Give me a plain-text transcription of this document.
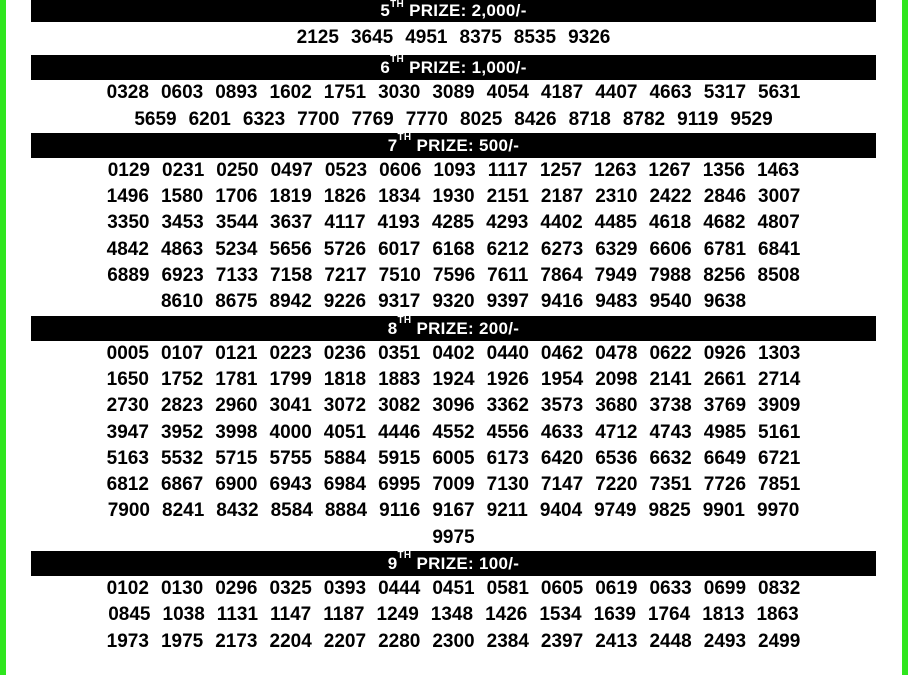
5TH PRIZE: 2,000/-
2125 3645 4951 8375 8535 9326
6TH PRIZE: 1,000/-
0328 0603 0893 1602 1751 3030 3089 4054 4187 4407 4663 5317 5631
5659 6201 6323 7700 7769 7770 8025 8426 8718 8782 9119 9529
7TH PRIZE: 500/-
0129 0231 0250 0497 0523 0606 1093 1117 1257 1263 1267 1356 1463
1496 1580 1706 1819 1826 1834 1930 2151 2187 2310 2422 2846 3007
3350 3453 3544 3637 4117 4193 4285 4293 4402 4485 4618 4682 4807
4842 4863 5234 5656 5726 6017 6168 6212 6273 6329 6606 6781 6841
6889 6923 7133 7158 7217 7510 7596 7611 7864 7949 7988 8256 8508
8610 8675 8942 9226 9317 9320 9397 9416 9483 9540 9638
8TH PRIZE: 200/-
0005 0107 0121 0223 0236 0351 0402 0440 0462 0478 0622 0926 1303
1650 1752 1781 1799 1818 1883 1924 1926 1954 2098 2141 2661 2714
2730 2823 2960 3041 3072 3082 3096 3362 3573 3680 3738 3769 3909
3947 3952 3998 4000 4051 4446 4552 4556 4633 4712 4743 4985 5161
5163 5532 5715 5755 5884 5915 6005 6173 6420 6536 6632 6649 6721
6812 6867 6900 6943 6984 6995 7009 7130 7147 7220 7351 7726 7851
7900 8241 8432 8584 8884 9116 9167 9211 9404 9749 9825 9901 9970
9975
9TH PRIZE: 100/-
0102 0130 0296 0325 0393 0444 0451 0581 0605 0619 0633 0699 0832
0845 1038 1131 1147 1187 1249 1348 1426 1534 1639 1764 1813 1863
1973 1975 2173 2204 2207 2280 2300 2384 2397 2413 2448 2493 2499
